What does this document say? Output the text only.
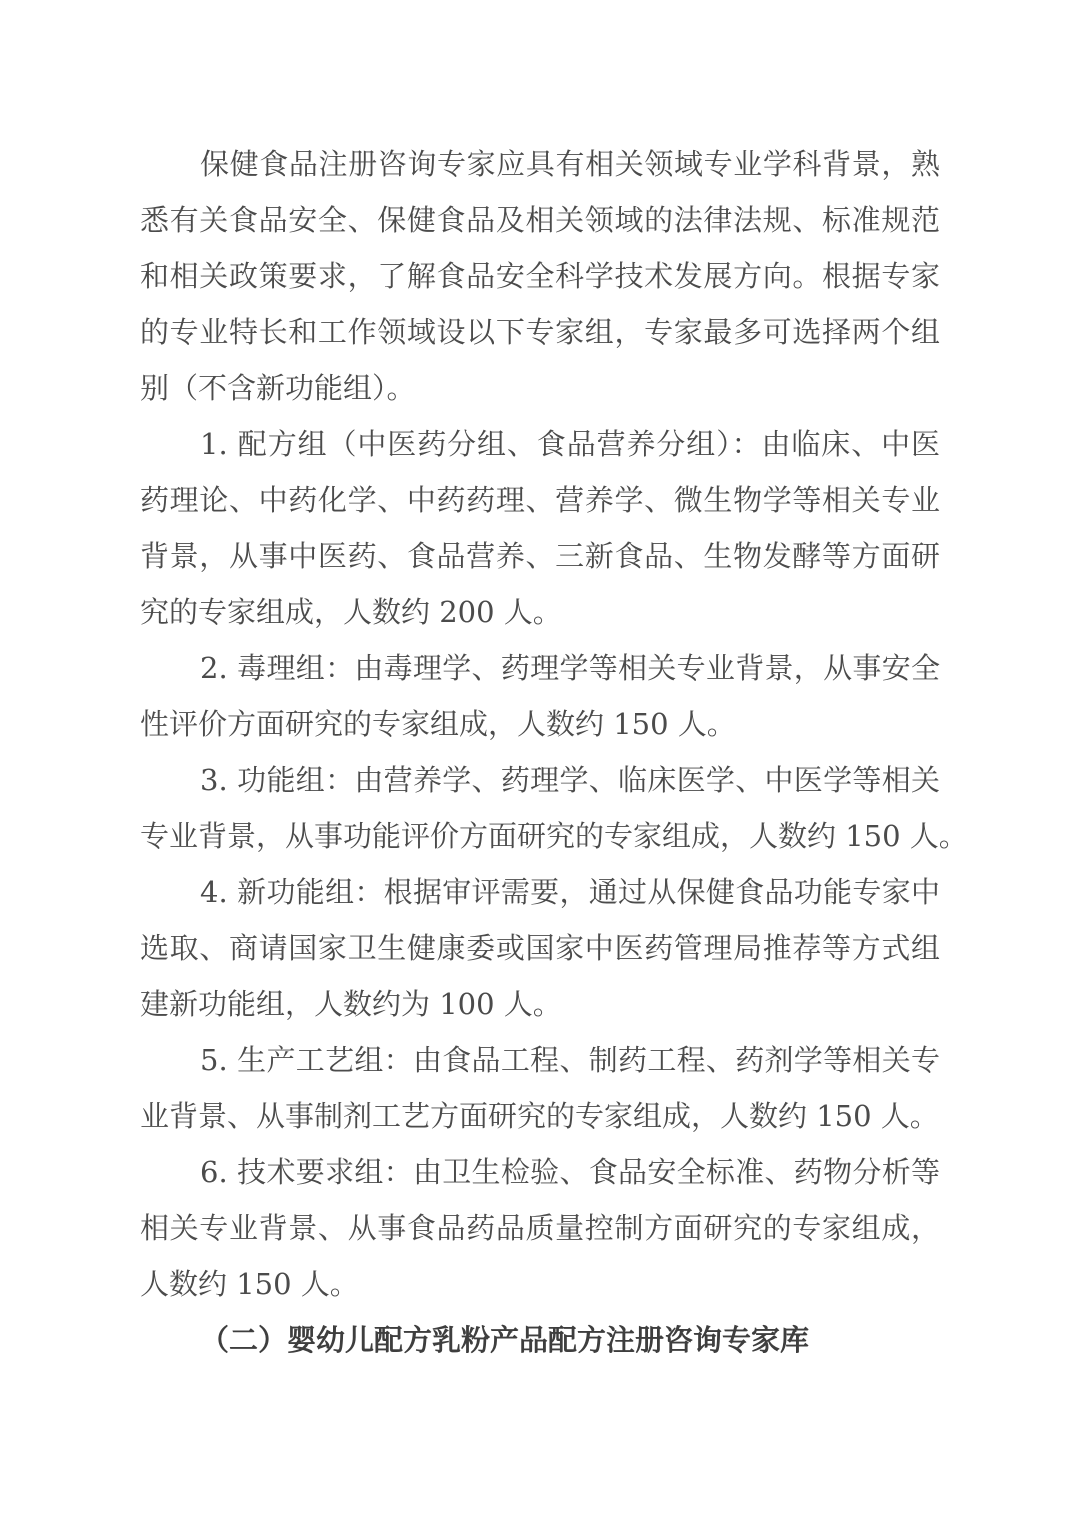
保健食品注册咨询专家应具有相关领域专业学科背景，熟
悉有关食品安全、保健食品及相关领域的法律法规、标准规范
和相关政策要求，了解食品安全科学技术发展方向。根据专家
的专业特长和工作领域设以下专家组，专家最多可选择两个组
别（不含新功能组）。
1. 配方组（中医药分组、食品营养分组）：由临床、中医
药理论、中药化学、中药药理、营养学、微生物学等相关专业
背景，从事中医药、食品营养、三新食品、生物发酵等方面研
究的专家组成，人数约 200 人。
2. 毒理组：由毒理学、药理学等相关专业背景，从事安全
性评价方面研究的专家组成，人数约 150 人。
3. 功能组：由营养学、药理学、临床医学、中医学等相关
专业背景，从事功能评价方面研究的专家组成，人数约 150 人。
4. 新功能组：根据审评需要，通过从保健食品功能专家中
选取、商请国家卫生健康委或国家中医药管理局推荐等方式组
建新功能组，人数约为 100 人。
5. 生产工艺组：由食品工程、制药工程、药剂学等相关专
业背景、从事制剂工艺方面研究的专家组成，人数约 150 人。
6. 技术要求组：由卫生检验、食品安全标准、药物分析等
相关专业背景、从事食品药品质量控制方面研究的专家组成，
人数约 150 人。
（二）婴幼儿配方乳粉产品配方注册咨询专家库
